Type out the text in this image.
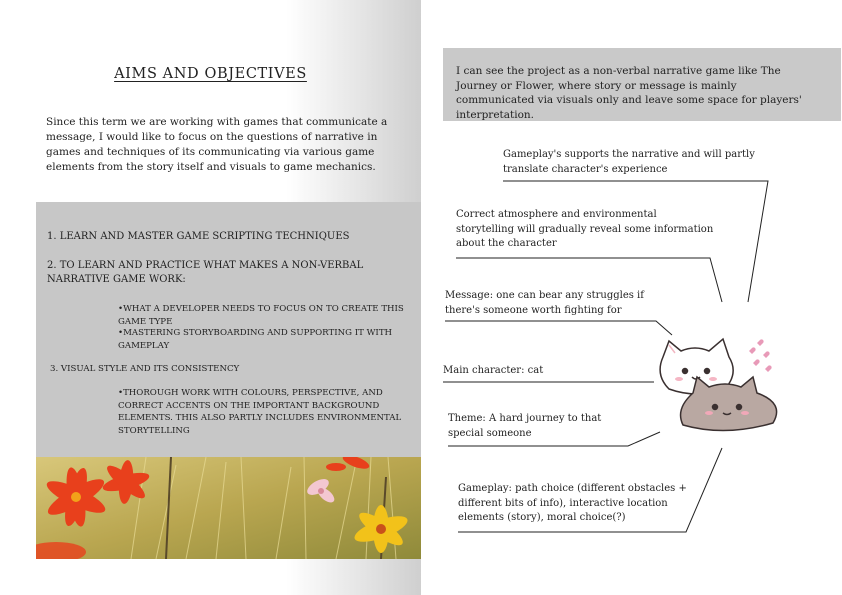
AIMS AND OBJECTIVES
Since this term we are working with games that communicate a message, I would like to focus on the questions of narrative in games and techniques of its communicating via various game elements from the story itself and visuals to game mechanics.
1. LEARN AND MASTER GAME SCRIPTING TECHNIQUES
2. TO LEARN AND PRACTICE WHAT MAKES A NON-VERBAL NARRATIVE GAME WORK:
•WHAT A DEVELOPER NEEDS TO FOCUS ON TO CREATE THIS GAME TYPE
•MASTERING STORYBOARDING AND SUPPORTING IT WITH GAMEPLAY
3. VISUAL STYLE AND ITS CONSISTENCY
•THOROUGH WORK WITH COLOURS, PERSPECTIVE, AND CORRECT ACCENTS ON THE IMPORTANT BACKGROUND ELEMENTS. THIS ALSO PARTLY INCLUDES ENVIRONMENTAL STORYTELLING
I can see the project as a non-verbal narrative game like The Journey or Flower, where story or message is mainly communicated via visuals only and leave some space for players' interpretation.
Gameplay's supports the narrative and will partly translate character's experience
Correct atmosphere and environmental storytelling will gradually reveal some information about the character
Message: one can bear any struggles if there's someone worth fighting for
Main character: cat
Theme: A hard journey to that special someone
Gameplay: path choice (different obstacles + different bits of info), interactive location elements (story), moral choice(?)
